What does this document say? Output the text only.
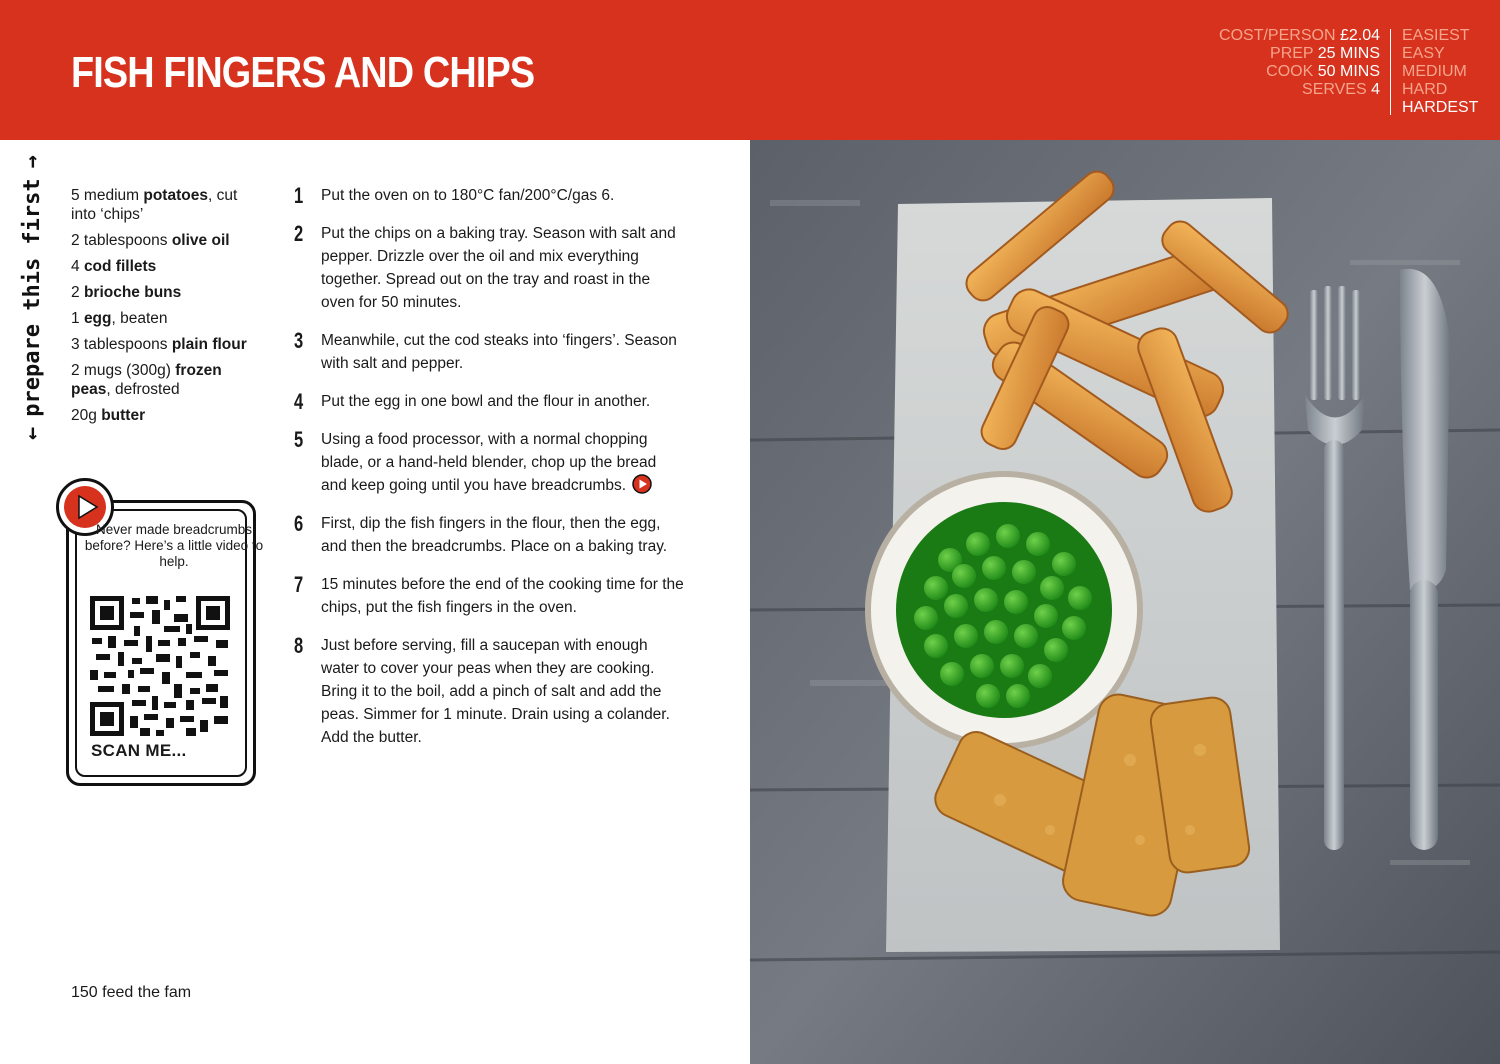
FISH FINGERS AND CHIPS
COST/PERSON £2.04
PREP 25 MINS
COOK 50 MINS
SERVES 4
EASIEST
EASY
MEDIUM
HARD
HARDEST
←
prepare this first
→
5 medium potatoes, cut into ‘chips’
2 tablespoons olive oil
4 cod fillets
2 brioche buns
1 egg, beaten
3 tablespoons plain flour
2 mugs (300g) frozen peas, defrosted
20g butter
Never made breadcrumbs before? Here’s a little video to help.
SCAN ME...
1 Put the oven on to 180°C fan/200°C/gas 6.
2 Put the chips on a baking tray. Season with salt and pepper. Drizzle over the oil and mix everything together. Spread out on the tray and roast in the oven for 50 minutes.
3 Meanwhile, cut the cod steaks into ‘fingers’. Season with salt and pepper.
4 Put the egg in one bowl and the flour in another.
5 Using a food processor, with a normal chopping blade, or a hand-held blender, chop up the bread and keep going until you have breadcrumbs.
6 First, dip the fish fingers in the flour, then the egg, and then the breadcrumbs. Place on a baking tray.
7 15 minutes before the end of the cooking time for the chips, put the fish fingers in the oven.
8 Just before serving, fill a saucepan with enough water to cover your peas when they are cooking. Bring it to the boil, add a pinch of salt and add the peas. Simmer for 1 minute. Drain using a colander. Add the butter.
150 feed the fam
